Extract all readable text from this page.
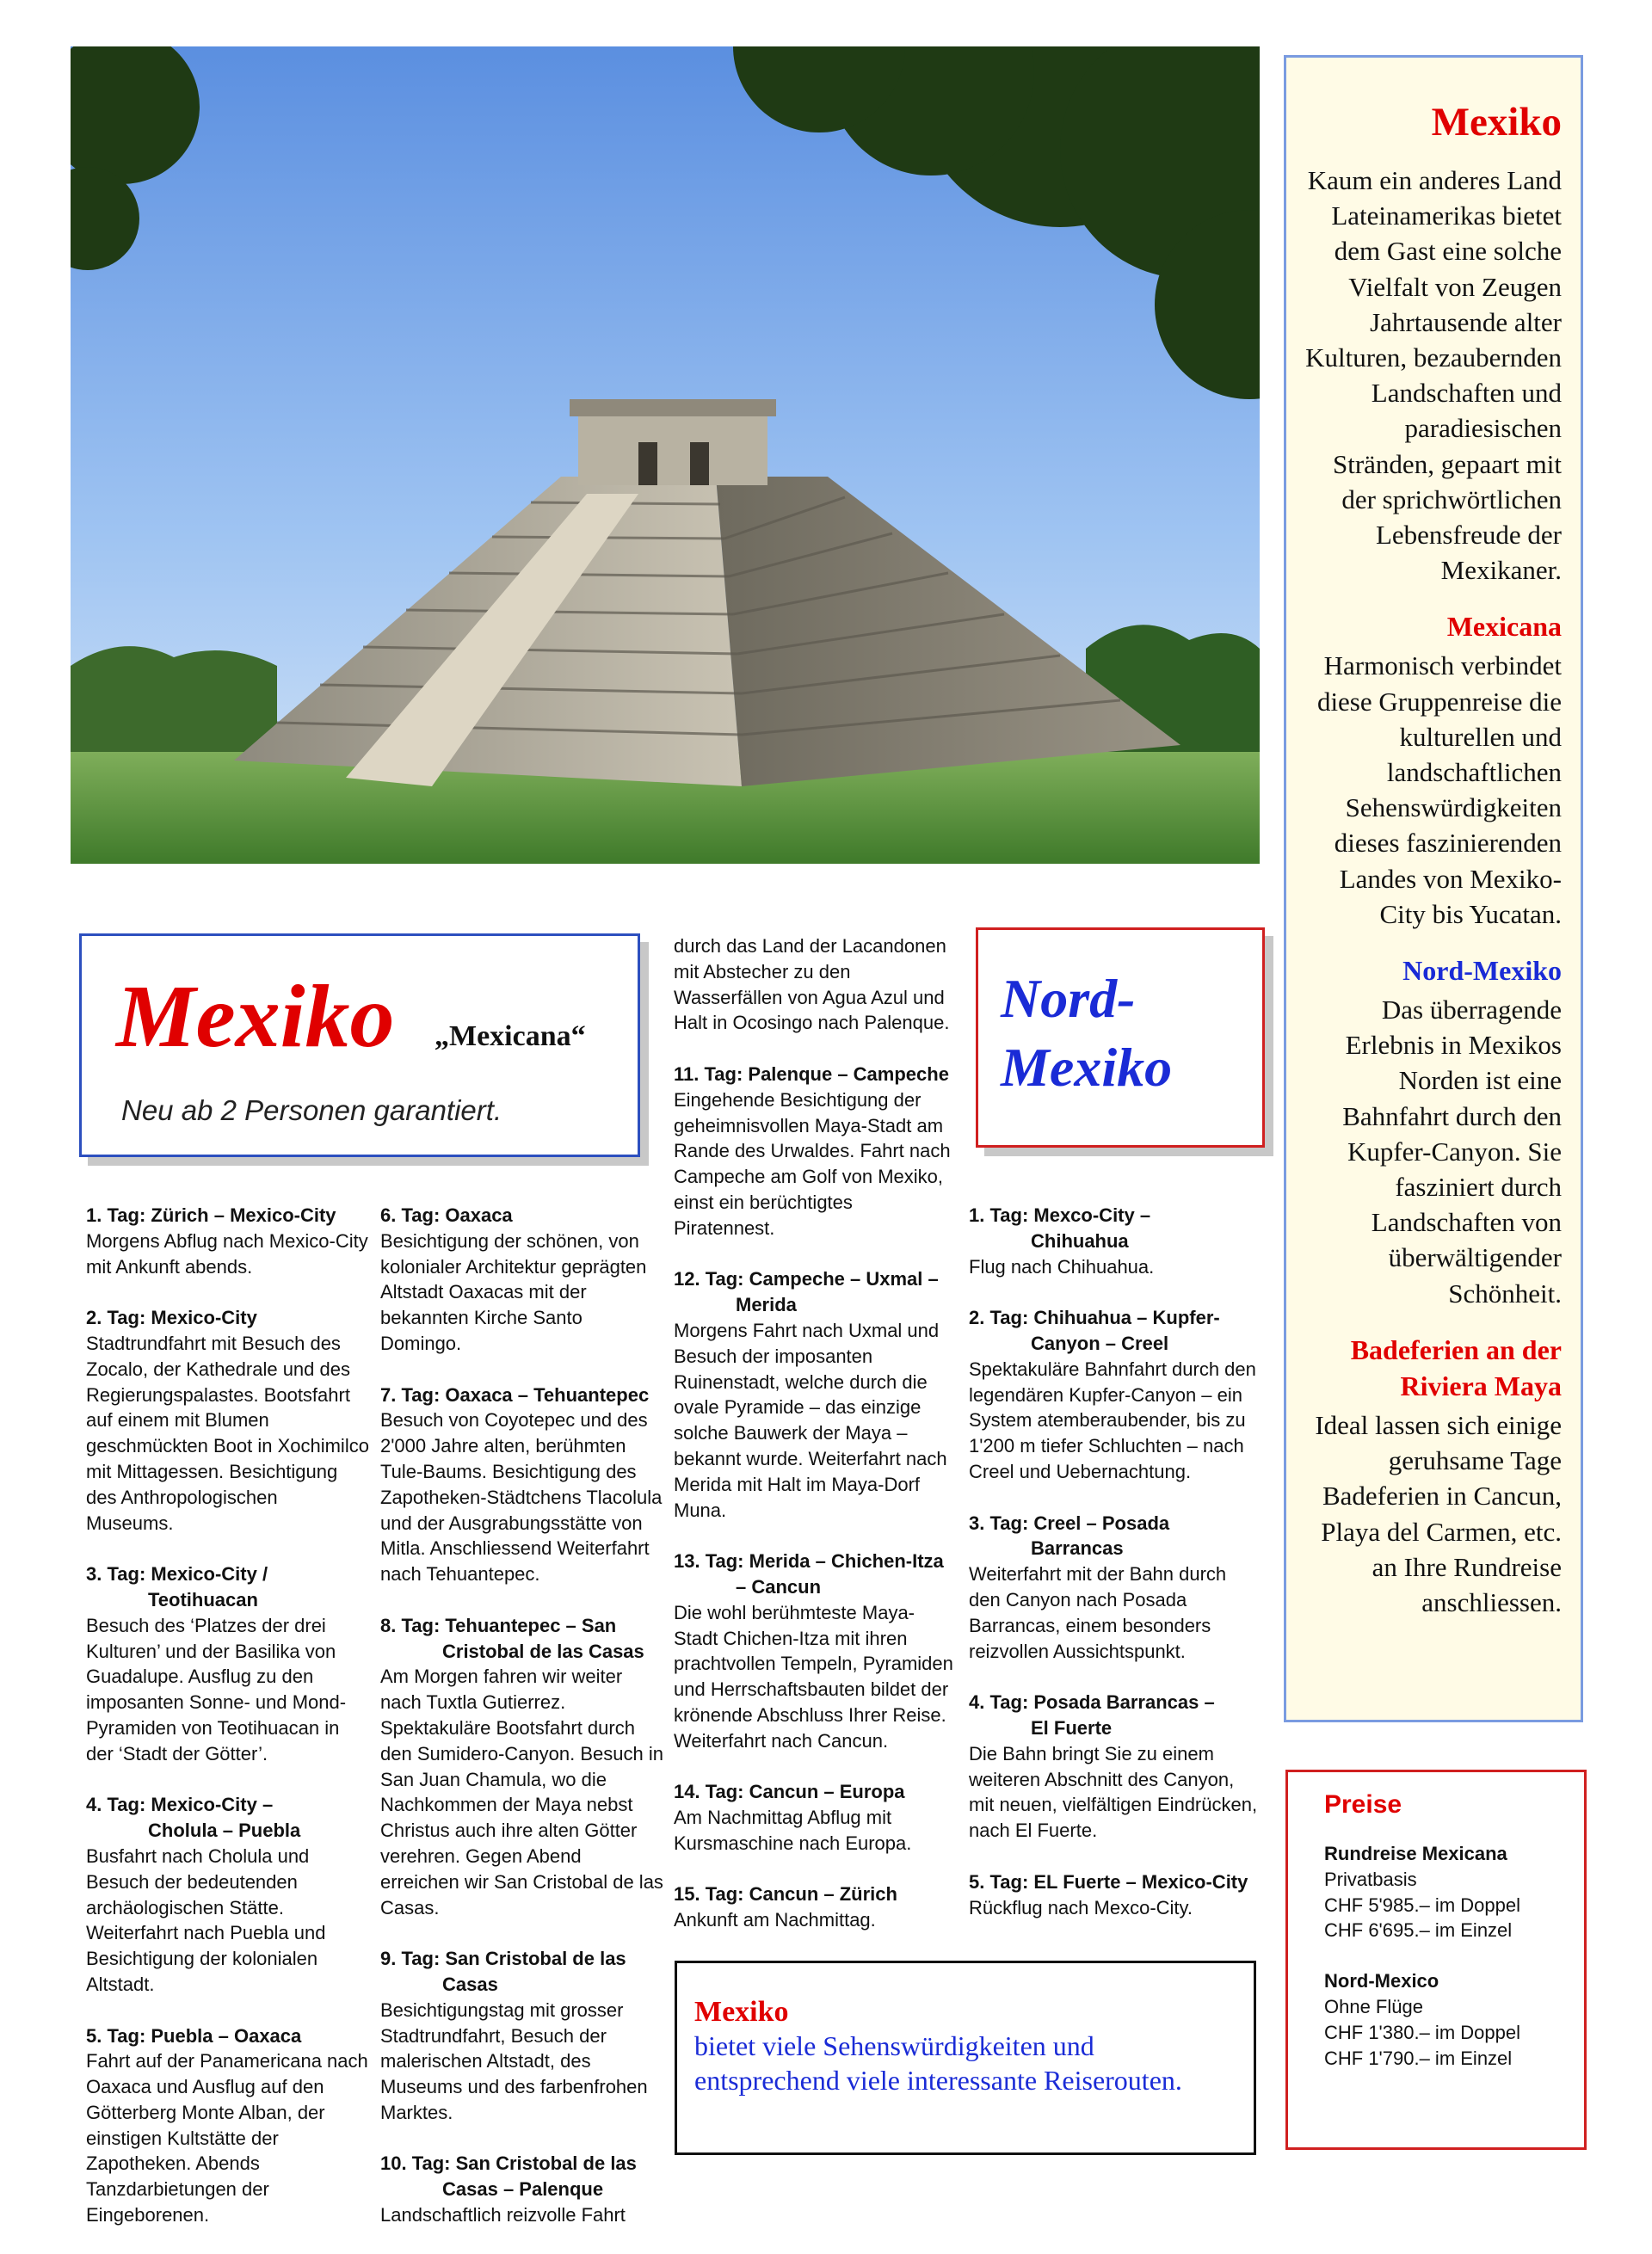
Mexiko
Kaum ein anderes Land Lateinamerikas bietet dem Gast eine solche Vielfalt von Zeugen Jahrtausende alter Kulturen, bezaubernden Landschaften und paradiesischen Stränden, gepaart mit der sprichwörtlichen Lebensfreude der Mexikaner.
Mexicana
Harmonisch verbindet diese Gruppenreise die kulturellen und landschaftlichen Sehenswürdigkeiten dieses faszinierenden Landes von Mexiko-City bis Yucatan.
Nord-Mexiko
Das überragende Erlebnis in Mexikos Norden ist eine Bahnfahrt durch den Kupfer-Canyon. Sie fasziniert durch Landschaften von überwältigender Schönheit.
Badeferien an der Riviera Maya
Ideal lassen sich einige geruhsame Tage Badeferien in Cancun, Playa del Carmen, etc. an Ihre Rundreise anschliessen.
Mexiko „Mexicana“
Neu ab 2 Personen garantiert.
Nord-
Mexiko
1. Tag: Zürich – Mexico-City
Morgens Abflug nach Mexico-City mit Ankunft abends.
2. Tag: Mexico-City
Stadtrundfahrt mit Besuch des Zocalo, der Kathedrale und des Regierungspalastes. Bootsfahrt auf einem mit Blumen geschmückten Boot in Xochimilco mit Mittagessen. Besichtigung des Anthropologischen Museums.
3. Tag: Mexico-City /
Teotihuacan
Besuch des ‘Platzes der drei Kulturen’ und der Basilika von Guadalupe. Ausflug zu den imposanten Sonne- und Mond-Pyramiden von Teotihuacan in der ‘Stadt der Götter’.
4. Tag: Mexico-City –
Cholula – Puebla
Busfahrt nach Cholula und Besuch der bedeutenden archäologischen Stätte. Weiterfahrt nach Puebla und Besichtigung der kolonialen Altstadt.
5. Tag: Puebla – Oaxaca
Fahrt auf der Panamericana nach Oaxaca und Ausflug auf den Götterberg Monte Alban, der einstigen Kultstätte der Zapotheken. Abends Tanzdarbietungen der Eingeborenen.
6. Tag: Oaxaca
Besichtigung der schönen, von kolonialer Architektur geprägten Altstadt Oaxacas mit der bekannten Kirche Santo Domingo.
7. Tag: Oaxaca – Tehuantepec
Besuch von Coyotepec und des 2'000 Jahre alten, berühmten Tule-Baums. Besichtigung des Zapotheken-Städtchens Tlacolula und der Ausgrabungsstätte von Mitla. Anschliessend Weiterfahrt nach Tehuantepec.
8. Tag: Tehuantepec – San
Cristobal de las Casas
Am Morgen fahren wir weiter nach Tuxtla Gutierrez. Spektakuläre Bootsfahrt durch den Sumidero-Canyon. Besuch in San Juan Chamula, wo die Nachkommen der Maya nebst Christus auch ihre alten Götter verehren. Gegen Abend erreichen wir San Cristobal de las Casas.
9. Tag: San Cristobal de las
Casas
Besichtigungstag mit grosser Stadtrundfahrt, Besuch der malerischen Altstadt, des Museums und des farbenfrohen Marktes.
10. Tag: San Cristobal de las
Casas – Palenque
Landschaftlich reizvolle Fahrt
durch das Land der Lacandonen mit Abstecher zu den Wasserfällen von Agua Azul und Halt in Ocosingo nach Palenque.
11. Tag: Palenque – Campeche
Eingehende Besichtigung der geheimnisvollen Maya-Stadt am Rande des Urwaldes. Fahrt nach Campeche am Golf von Mexiko, einst ein berüchtigtes Piratennest.
12. Tag: Campeche – Uxmal –
Merida
Morgens Fahrt nach Uxmal und Besuch der imposanten Ruinenstadt, welche durch die ovale Pyramide – das einzige solche Bauwerk der Maya – bekannt wurde. Weiterfahrt nach Merida mit Halt im Maya-Dorf Muna.
13. Tag: Merida – Chichen-Itza
– Cancun
Die wohl berühmteste Maya-Stadt Chichen-Itza mit ihren prachtvollen Tempeln, Pyramiden und Herrschaftsbauten bildet der krönende Abschluss Ihrer Reise. Weiterfahrt nach Cancun.
14. Tag: Cancun – Europa
Am Nachmittag Abflug mit Kursmaschine nach Europa.
15. Tag: Cancun – Zürich
Ankunft am Nachmittag.
1. Tag: Mexco-City –
Chihuahua
Flug nach Chihuahua.
2. Tag: Chihuahua – Kupfer-
Canyon – Creel
Spektakuläre Bahnfahrt durch den legendären Kupfer-Canyon – ein System atemberaubender, bis zu 1'200 m tiefer Schluchten – nach Creel und Uebernachtung.
3. Tag: Creel – Posada
Barrancas
Weiterfahrt mit der Bahn durch den Canyon nach Posada Barrancas, einem besonders reizvollen Aussichtspunkt.
4. Tag: Posada Barrancas –
El Fuerte
Die Bahn bringt Sie zu einem weiteren Abschnitt des Canyon, mit neuen, vielfältigen Eindrücken, nach El Fuerte.
5. Tag: EL Fuerte – Mexico-City
Rückflug nach Mexco-City.
Mexiko
bietet viele Sehenswürdigkeiten und entsprechend viele interessante Reiserouten.
Preise
Rundreise Mexicana
Privatbasis
CHF 5'985.– im Doppel
CHF 6'695.– im Einzel
Nord-Mexico
Ohne Flüge
CHF 1'380.– im Doppel
CHF 1'790.– im Einzel
